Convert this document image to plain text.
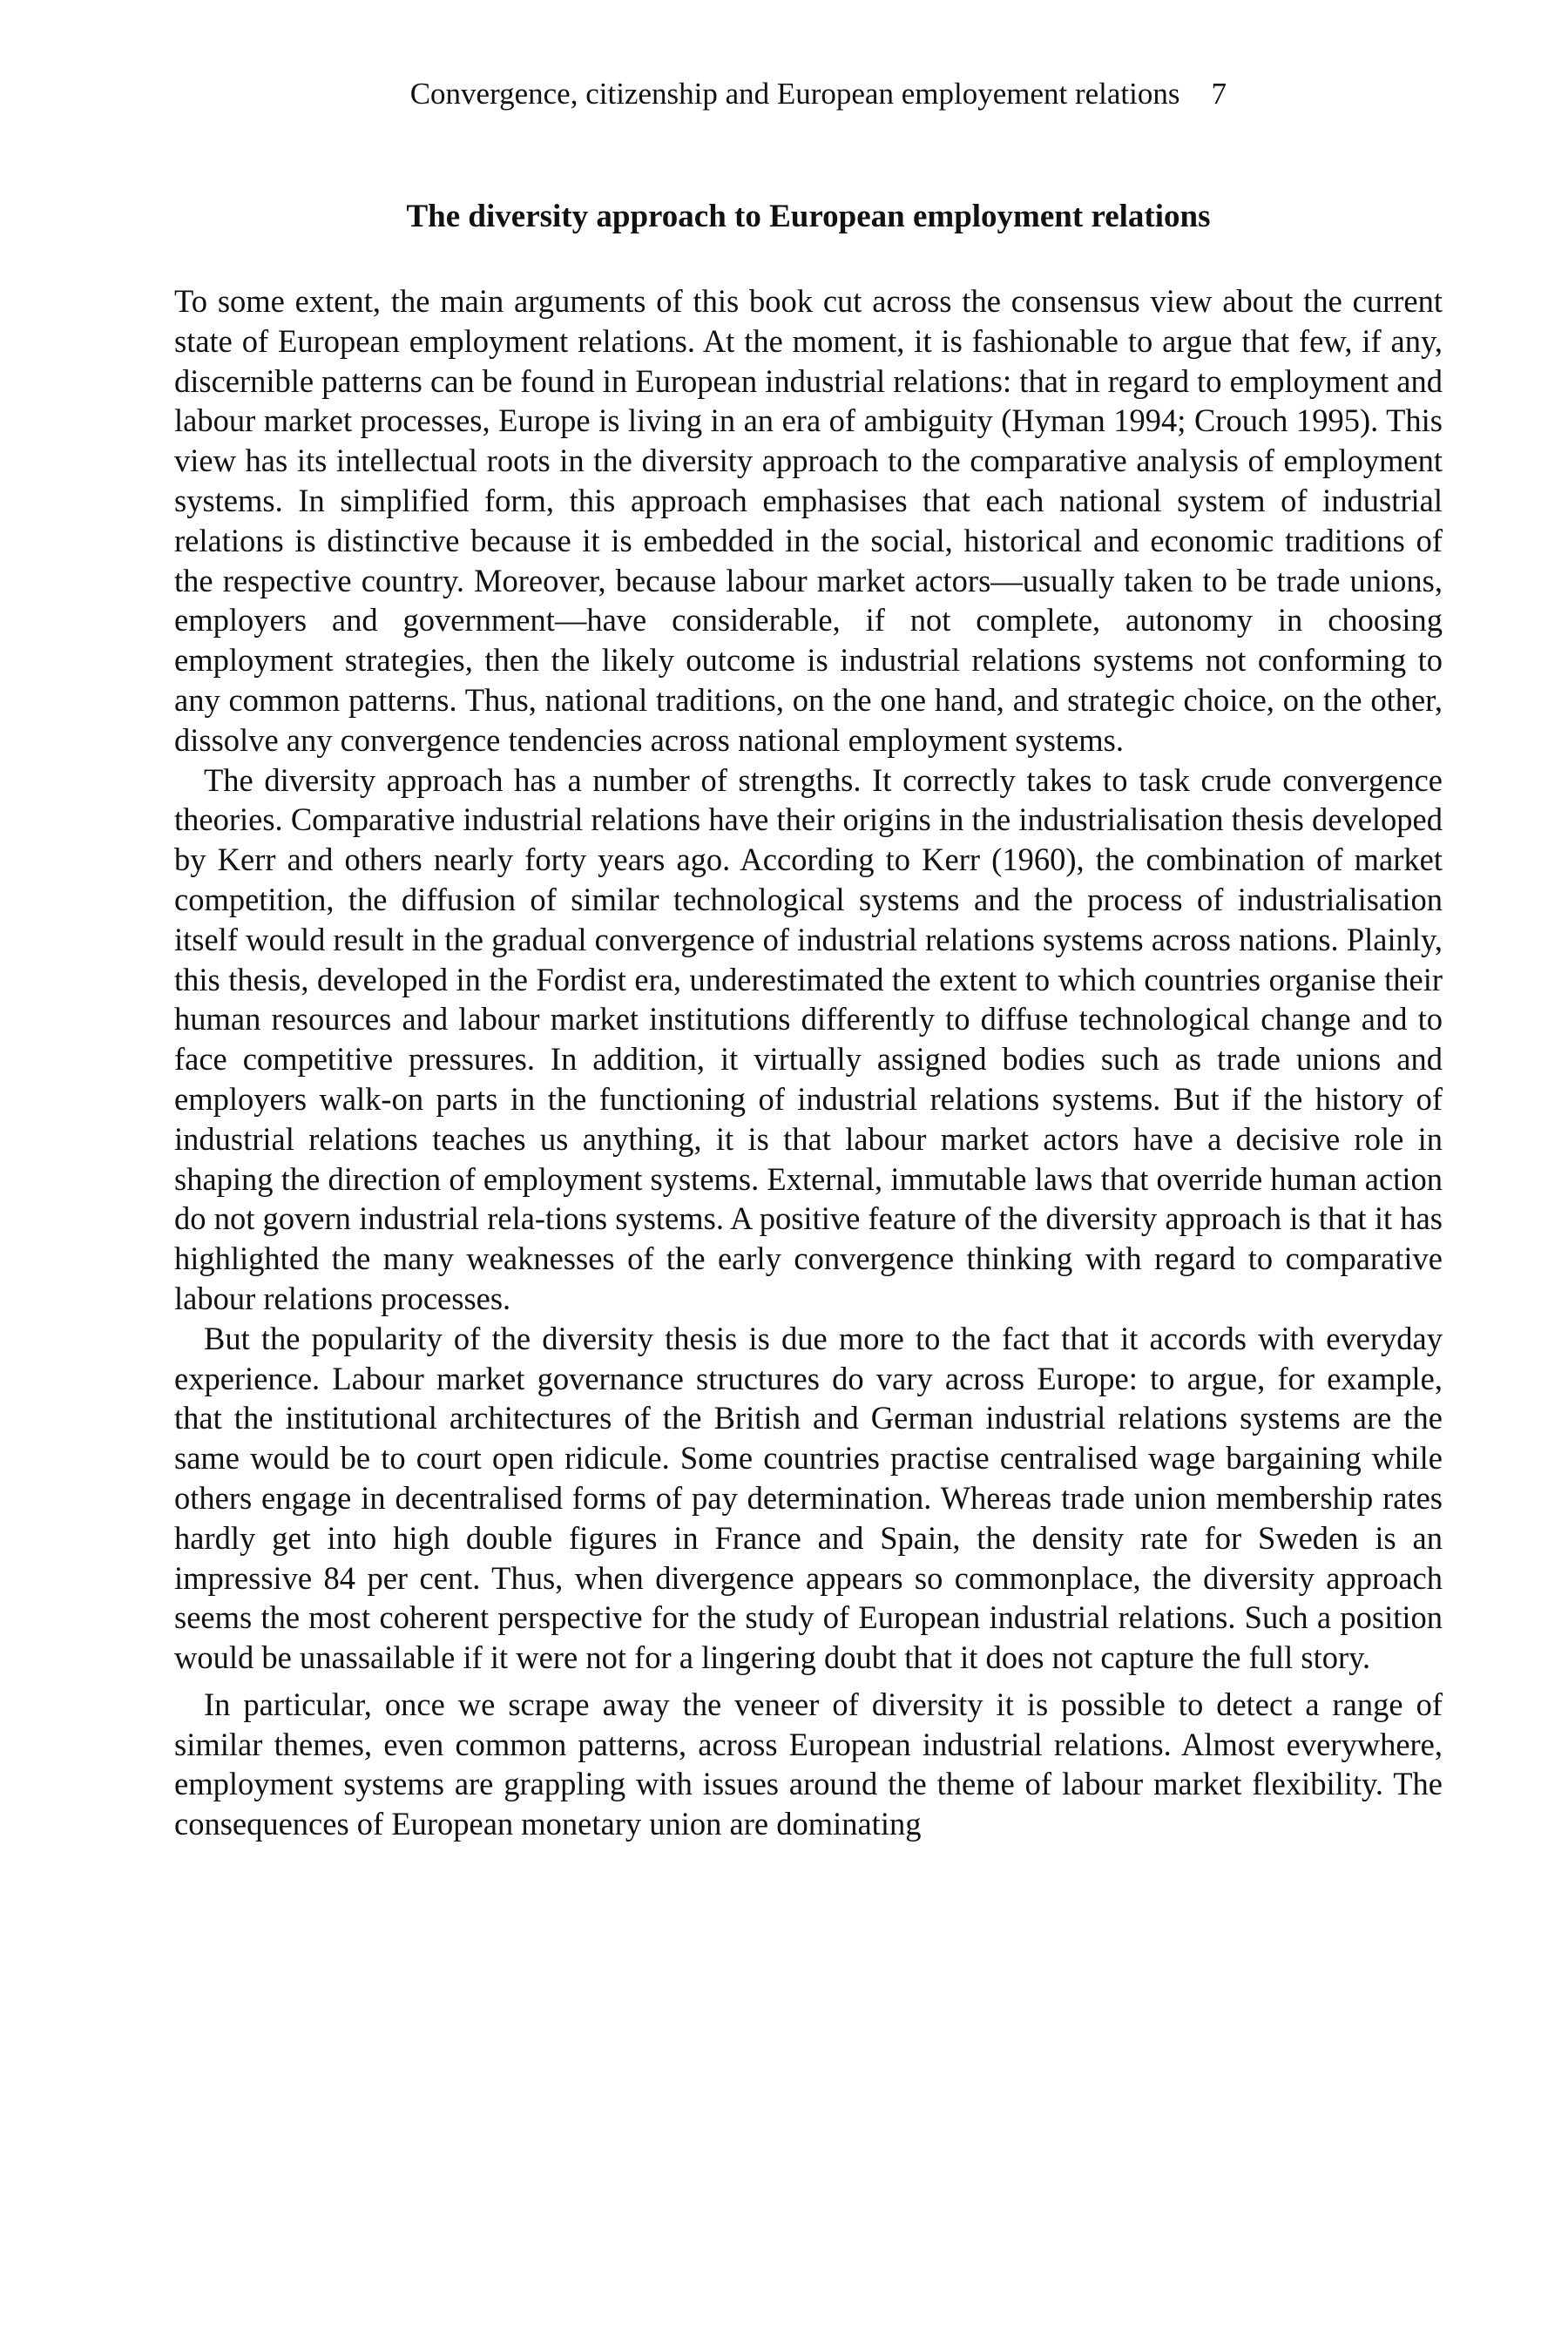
Convergence, citizenship and European employement relations 7
The diversity approach to European employment relations

To some extent, the main arguments of this book cut across the consensus view about the current state of European employment relations. At the moment, it is fashionable to argue that few, if any, discernible patterns can be found in European industrial relations: that in regard to employment and labour market processes, Europe is living in an era of ambiguity (Hyman 1994; Crouch 1995). This view has its intellectual roots in the diversity approach to the comparative analysis of employment systems. In simplified form, this approach emphasises that each national system of industrial relations is distinctive because it is embedded in the social, historical and economic traditions of the respective country. Moreover, because labour market actors—usually taken to be trade unions, employers and government—have considerable, if not complete, autonomy in choosing employment strategies, then the likely outcome is industrial relations systems not conforming to any common patterns. Thus, national traditions, on the one hand, and strategic choice, on the other, dissolve any convergence tendencies across national employment systems.

The diversity approach has a number of strengths. It correctly takes to task crude convergence theories. Comparative industrial relations have their origins in the industrialisation thesis developed by Kerr and others nearly forty years ago. According to Kerr (1960), the combination of market competition, the diffusion of similar technological systems and the process of industrialisation itself would result in the gradual convergence of industrial relations systems across nations. Plainly, this thesis, developed in the Fordist era, underestimated the extent to which countries organise their human resources and labour market institutions differently to diffuse technological change and to face competitive pressures. In addition, it virtually assigned bodies such as trade unions and employers walk-on parts in the functioning of industrial relations systems. But if the history of industrial relations teaches us anything, it is that labour market actors have a decisive role in shaping the direction of employment systems. External, immutable laws that override human action do not govern industrial rela-tions systems. A positive feature of the diversity approach is that it has highlighted the many weaknesses of the early convergence thinking with regard to comparative labour relations processes.

But the popularity of the diversity thesis is due more to the fact that it accords with everyday experience. Labour market governance structures do vary across Europe: to argue, for example, that the institutional architectures of the British and German industrial relations systems are the same would be to court open ridicule. Some countries practise centralised wage bargaining while others engage in decentralised forms of pay determination. Whereas trade union membership rates hardly get into high double figures in France and Spain, the density rate for Sweden is an impressive 84 per cent. Thus, when divergence appears so commonplace, the diversity approach seems the most coherent perspective for the study of European industrial relations. Such a position would be unassailable if it were not for a lingering doubt that it does not capture the full story.

In particular, once we scrape away the veneer of diversity it is possible to detect a range of similar themes, even common patterns, across European industrial relations. Almost everywhere, employment systems are grappling with issues around the theme of labour market flexibility. The consequences of European monetary union are dominating
